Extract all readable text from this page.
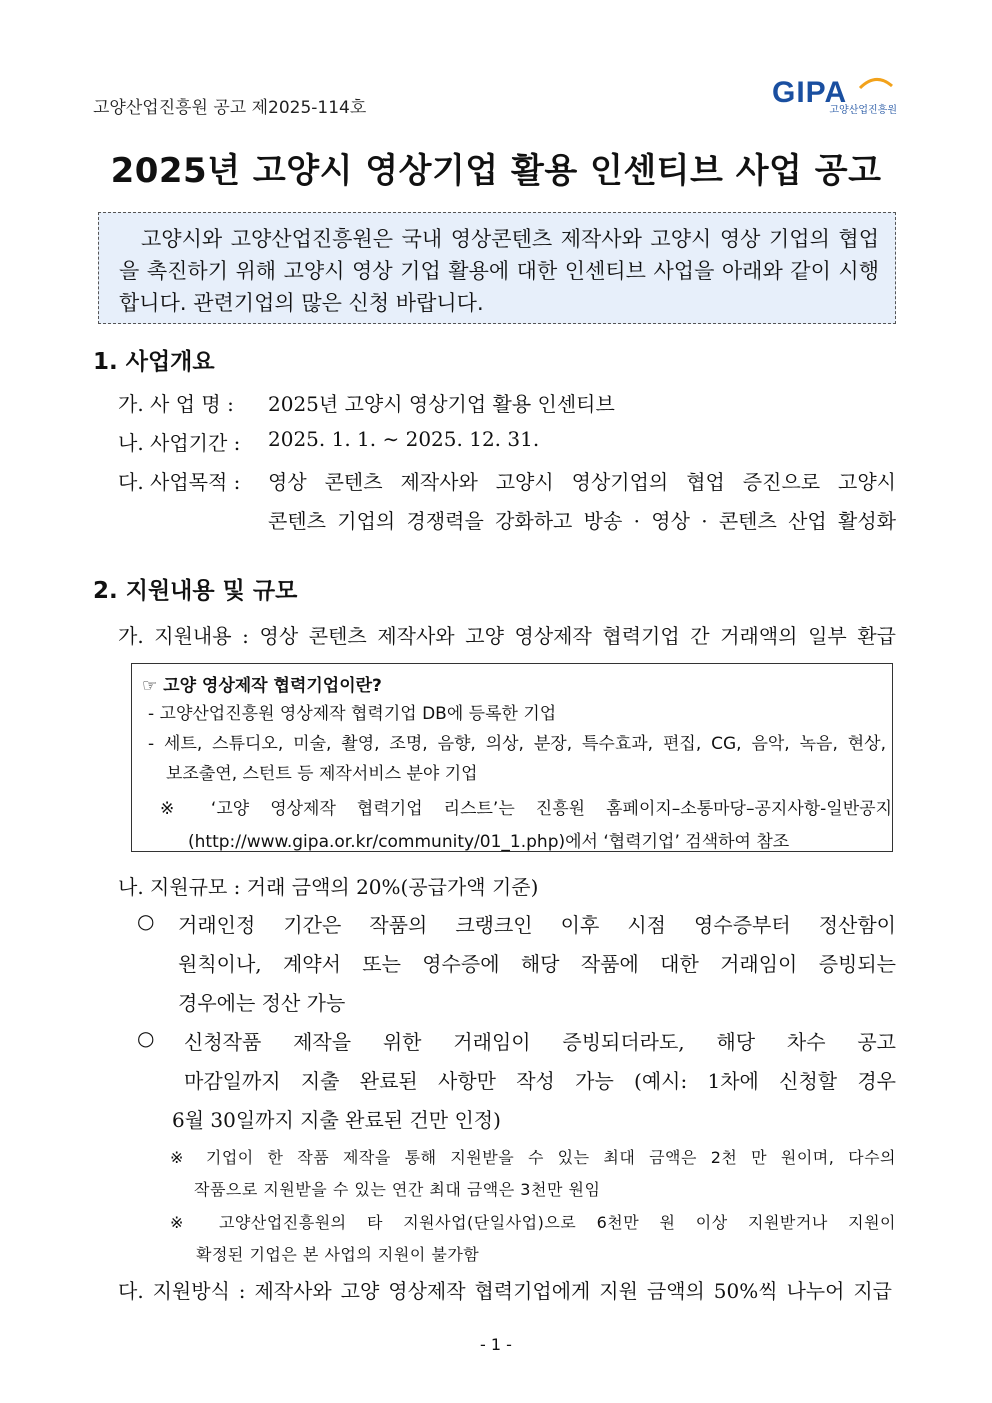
고양산업진흥원 공고 제2025-114호	GIPA
고양산업진흥원
2025년 고양시 영상기업 활용 인센티브 사업 공고
고양시와 고양산업진흥원은 국내 영상콘텐츠 제작사와 고양시 영상 기업의 협업을 촉진하기 위해 고양시 영상 기업 활용에 대한 인센티브 사업을 아래와 같이 시행합니다. 관련기업의 많은 신청 바랍니다.
1. 사업개요
가. 사 업 명 : 2025년 고양시 영상기업 활용 인센티브
나. 사업기간 : 2025. 1. 1. ∼ 2025. 12. 31.
다. 사업목적 : 영상 콘텐츠 제작사와 고양시 영상기업의 협업 증진으로 고양시
콘텐츠 기업의 경쟁력을 강화하고 방송 · 영상 · 콘텐츠 산업 활성화
2. 지원내용 및 규모
가. 지원내용 : 영상 콘텐츠 제작사와 고양 영상제작 협력기업 간 거래액의 일부 환급
☞ 고양 영상제작 협력기업이란?
- 고양산업진흥원 영상제작 협력기업 DB에 등록한 기업
- 세트, 스튜디오, 미술, 촬영, 조명, 음향, 의상, 분장, 특수효과, 편집, CG, 음악, 녹음, 현상,
보조출연, 스턴트 등 제작서비스 분야 기업
※ ‘고양 영상제작 협력기업 리스트’는 진흥원 홈페이지–소통마당–공지사항-일반공지
(http://www.gipa.or.kr/community/01_1.php)에서 ‘협력기업’ 검색하여 참조
나. 지원규모 : 거래 금액의 20%(공급가액 기준)
○ 거래인정 기간은 작품의 크랭크인 이후 시점 영수증부터 정산함이
원칙이나, 계약서 또는 영수증에 해당 작품에 대한 거래임이 증빙되는
경우에는 정산 가능
○ 신청작품 제작을 위한 거래임이 증빙되더라도, 해당 차수 공고
마감일까지 지출 완료된 사항만 작성 가능 (예시: 1차에 신청할 경우
6월 30일까지 지출 완료된 건만 인정)
※ 기업이 한 작품 제작을 통해 지원받을 수 있는 최대 금액은 2천 만 원이며, 다수의
작품으로 지원받을 수 있는 연간 최대 금액은 3천만 원임
※ 고양산업진흥원의 타 지원사업(단일사업)으로 6천만 원 이상 지원받거나 지원이
확정된 기업은 본 사업의 지원이 불가함
다. 지원방식 : 제작사와 고양 영상제작 협력기업에게 지원 금액의 50%씩 나누어 지급
- 1 -
